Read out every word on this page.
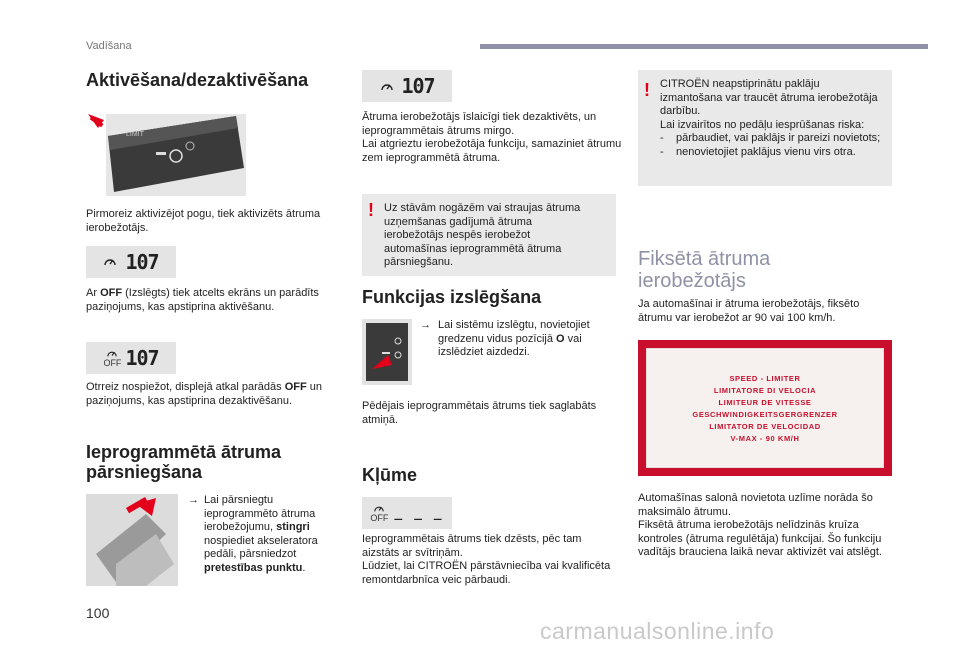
Vadīšana
Aktivēšana/dezaktivēšana
LIMIT
Pirmoreiz aktivizējot pogu, tiek aktivizēts ātruma ierobežotājs.
107
Ar OFF (Izslēgts) tiek atcelts ekrāns un parādīts paziņojums, kas apstiprina aktivēšanu.
OFF 107
Otrreiz nospiežot, displejā atkal parādās OFF un paziņojums, kas apstiprina dezaktivēšanu.
Ieprogrammētā ātruma pārsniegšana
→ Lai pārsniegtu ieprogrammēto ātruma ierobežojumu, stingri nospiediet akseleratora pedāli, pārsniedzot pretestības punktu.
107
Ātruma ierobežotājs īslaicīgi tiek dezaktivēts, un ieprogrammētais ātrums mirgo.
Lai atgrieztu ierobežotāja funkciju, samaziniet ātrumu zem ieprogrammētā ātruma.
! Uz stāvām nogāzēm vai straujas ātruma uzņemšanas gadījumā ātruma ierobežotājs nespēs ierobežot automašīnas ieprogrammētā ātruma pārsniegšanu.
Funkcijas izslēgšana
→ Lai sistēmu izslēgtu, novietojiet gredzenu vidus pozīcijā O vai izslēdziet aizdedzi.
Pēdējais ieprogrammētais ātrums tiek saglabāts atmiņā.
Kļūme
OFF _ _ _
Ieprogrammētais ātrums tiek dzēsts, pēc tam aizstāts ar svītriņām.
Lūdziet, lai CITROËN pārstāvniecība vai kvalificēta remontdarbnīca veic pārbaudi.
! CITROËN neapstiprinātu paklāju izmantošana var traucēt ātruma ierobežotāja darbību.
Lai izvairītos no pedāļu iesprūšanas riska:
- pārbaudiet, vai paklājs ir pareizi novietots;
- nenovietojiet paklājus vienu virs otra.
Fiksētā ātruma ierobežotājs
Ja automašīnai ir ātruma ierobežotājs, fiksēto ātrumu var ierobežot ar 90 vai 100 km/h.
SPEED - LIMITER
LIMITATORE DI VELOCIA
LIMITEUR DE VITESSE
GESCHWINDIGKEITSGERGRENZER
LIMITATOR DE VELOCIDAD
V-MAX - 90 KM/H
Automašīnas salonā novietota uzlīme norāda šo maksimālo ātrumu.
Fiksētā ātruma ierobežotājs nelīdzinās kruīza kontroles (ātruma regulētāja) funkcijai. Šo funkciju vadītājs brauciena laikā nevar aktivizēt vai atslēgt.
100
carmanualsonline.info
